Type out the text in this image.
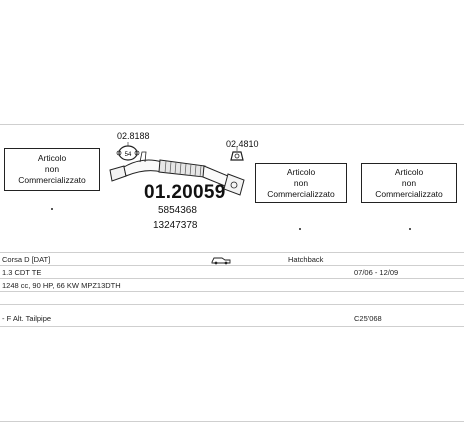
Articolo
non
Commercializzato
54
02.8188
02.4810
01.20059
5854368
13247378
Articolo
non
Commercializzato
Articolo
non
Commercializzato
Corsa D [DAT]	Hatchback
1.3 CDT TE	07/06 - 12/09
1248 cc, 90 HP, 66 KW MPZ13DTH
- F Alt. Tailpipe	C25'068
